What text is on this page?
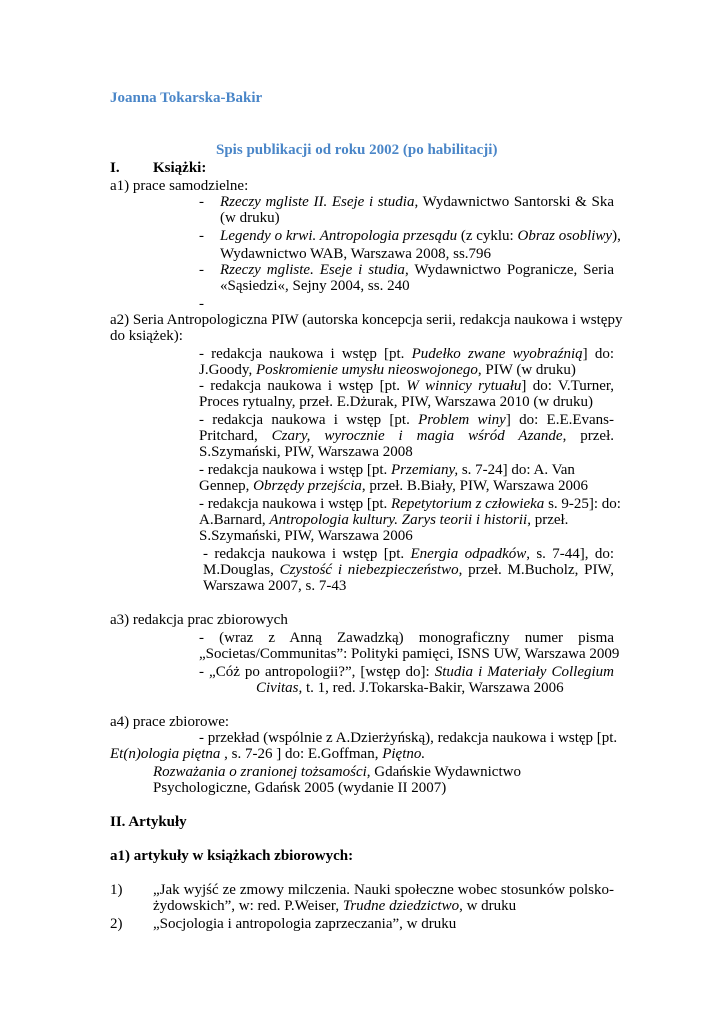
Joanna Tokarska-Bakir
Spis publikacji od roku 2002 (po habilitacji)
I. Książki:
a1) prace samodzielne:
- Rzeczy mgliste II. Eseje i studia, Wydawnictwo Santorski & Ska
(w druku)
- Legendy o krwi. Antropologia przesądu (z cyklu: Obraz osobliwy),
Wydawnictwo WAB, Warszawa 2008, ss.796
- Rzeczy mgliste. Eseje i studia, Wydawnictwo Pogranicze, Seria
«Sąsiedzi«, Sejny 2004, ss. 240
-
a2) Seria Antropologiczna PIW (autorska koncepcja serii, redakcja naukowa i wstępy
do książek):
- redakcja naukowa i wstęp [pt. Pudełko zwane wyobraźnią] do:
J.Goody, Poskromienie umysłu nieoswojonego, PIW (w druku)
- redakcja naukowa i wstęp [pt. W winnicy rytuału] do: V.Turner,
Proces rytualny, przeł. E.Dżurak, PIW, Warszawa 2010 (w druku)
- redakcja naukowa i wstęp [pt. Problem winy] do: E.E.Evans-
Pritchard, Czary, wyrocznie i magia wśród Azande, przeł.
S.Szymański, PIW, Warszawa 2008
- redakcja naukowa i wstęp [pt. Przemiany, s. 7-24] do: A. Van
Gennep, Obrzędy przejścia, przeł. B.Biały, PIW, Warszawa 2006
- redakcja naukowa i wstęp [pt. Repetytorium z człowieka s. 9-25]: do:
A.Barnard, Antropologia kultury. Zarys teorii i historii, przeł.
S.Szymański, PIW, Warszawa 2006
- redakcja naukowa i wstęp [pt. Energia odpadków, s. 7-44], do:
M.Douglas, Czystość i niebezpieczeństwo, przeł. M.Bucholz, PIW,
Warszawa 2007, s. 7-43
a3) redakcja prac zbiorowych
- (wraz z Anną Zawadzką) monograficzny numer pisma
„Societas/Communitas”: Polityki pamięci, ISNS UW, Warszawa 2009
- „Cóż po antropologii?”, [wstęp do]: Studia i Materiały Collegium
Civitas, t. 1, red. J.Tokarska-Bakir, Warszawa 2006
a4) prace zbiorowe:
- przekład (wspólnie z A.Dzierżyńską), redakcja naukowa i wstęp [pt.
Et(n)ologia piętna , s. 7-26 ] do: E.Goffman, Piętno.
Rozważania o zranionej tożsamości, Gdańskie Wydawnictwo
Psychologiczne, Gdańsk 2005 (wydanie II 2007)
II. Artykuły
a1) artykuły w książkach zbiorowych:
1) „Jak wyjść ze zmowy milczenia. Nauki społeczne wobec stosunków polsko-
żydowskich”, w: red. P.Weiser, Trudne dziedzictwo, w druku
2) „Socjologia i antropologia zaprzeczania”, w druku
